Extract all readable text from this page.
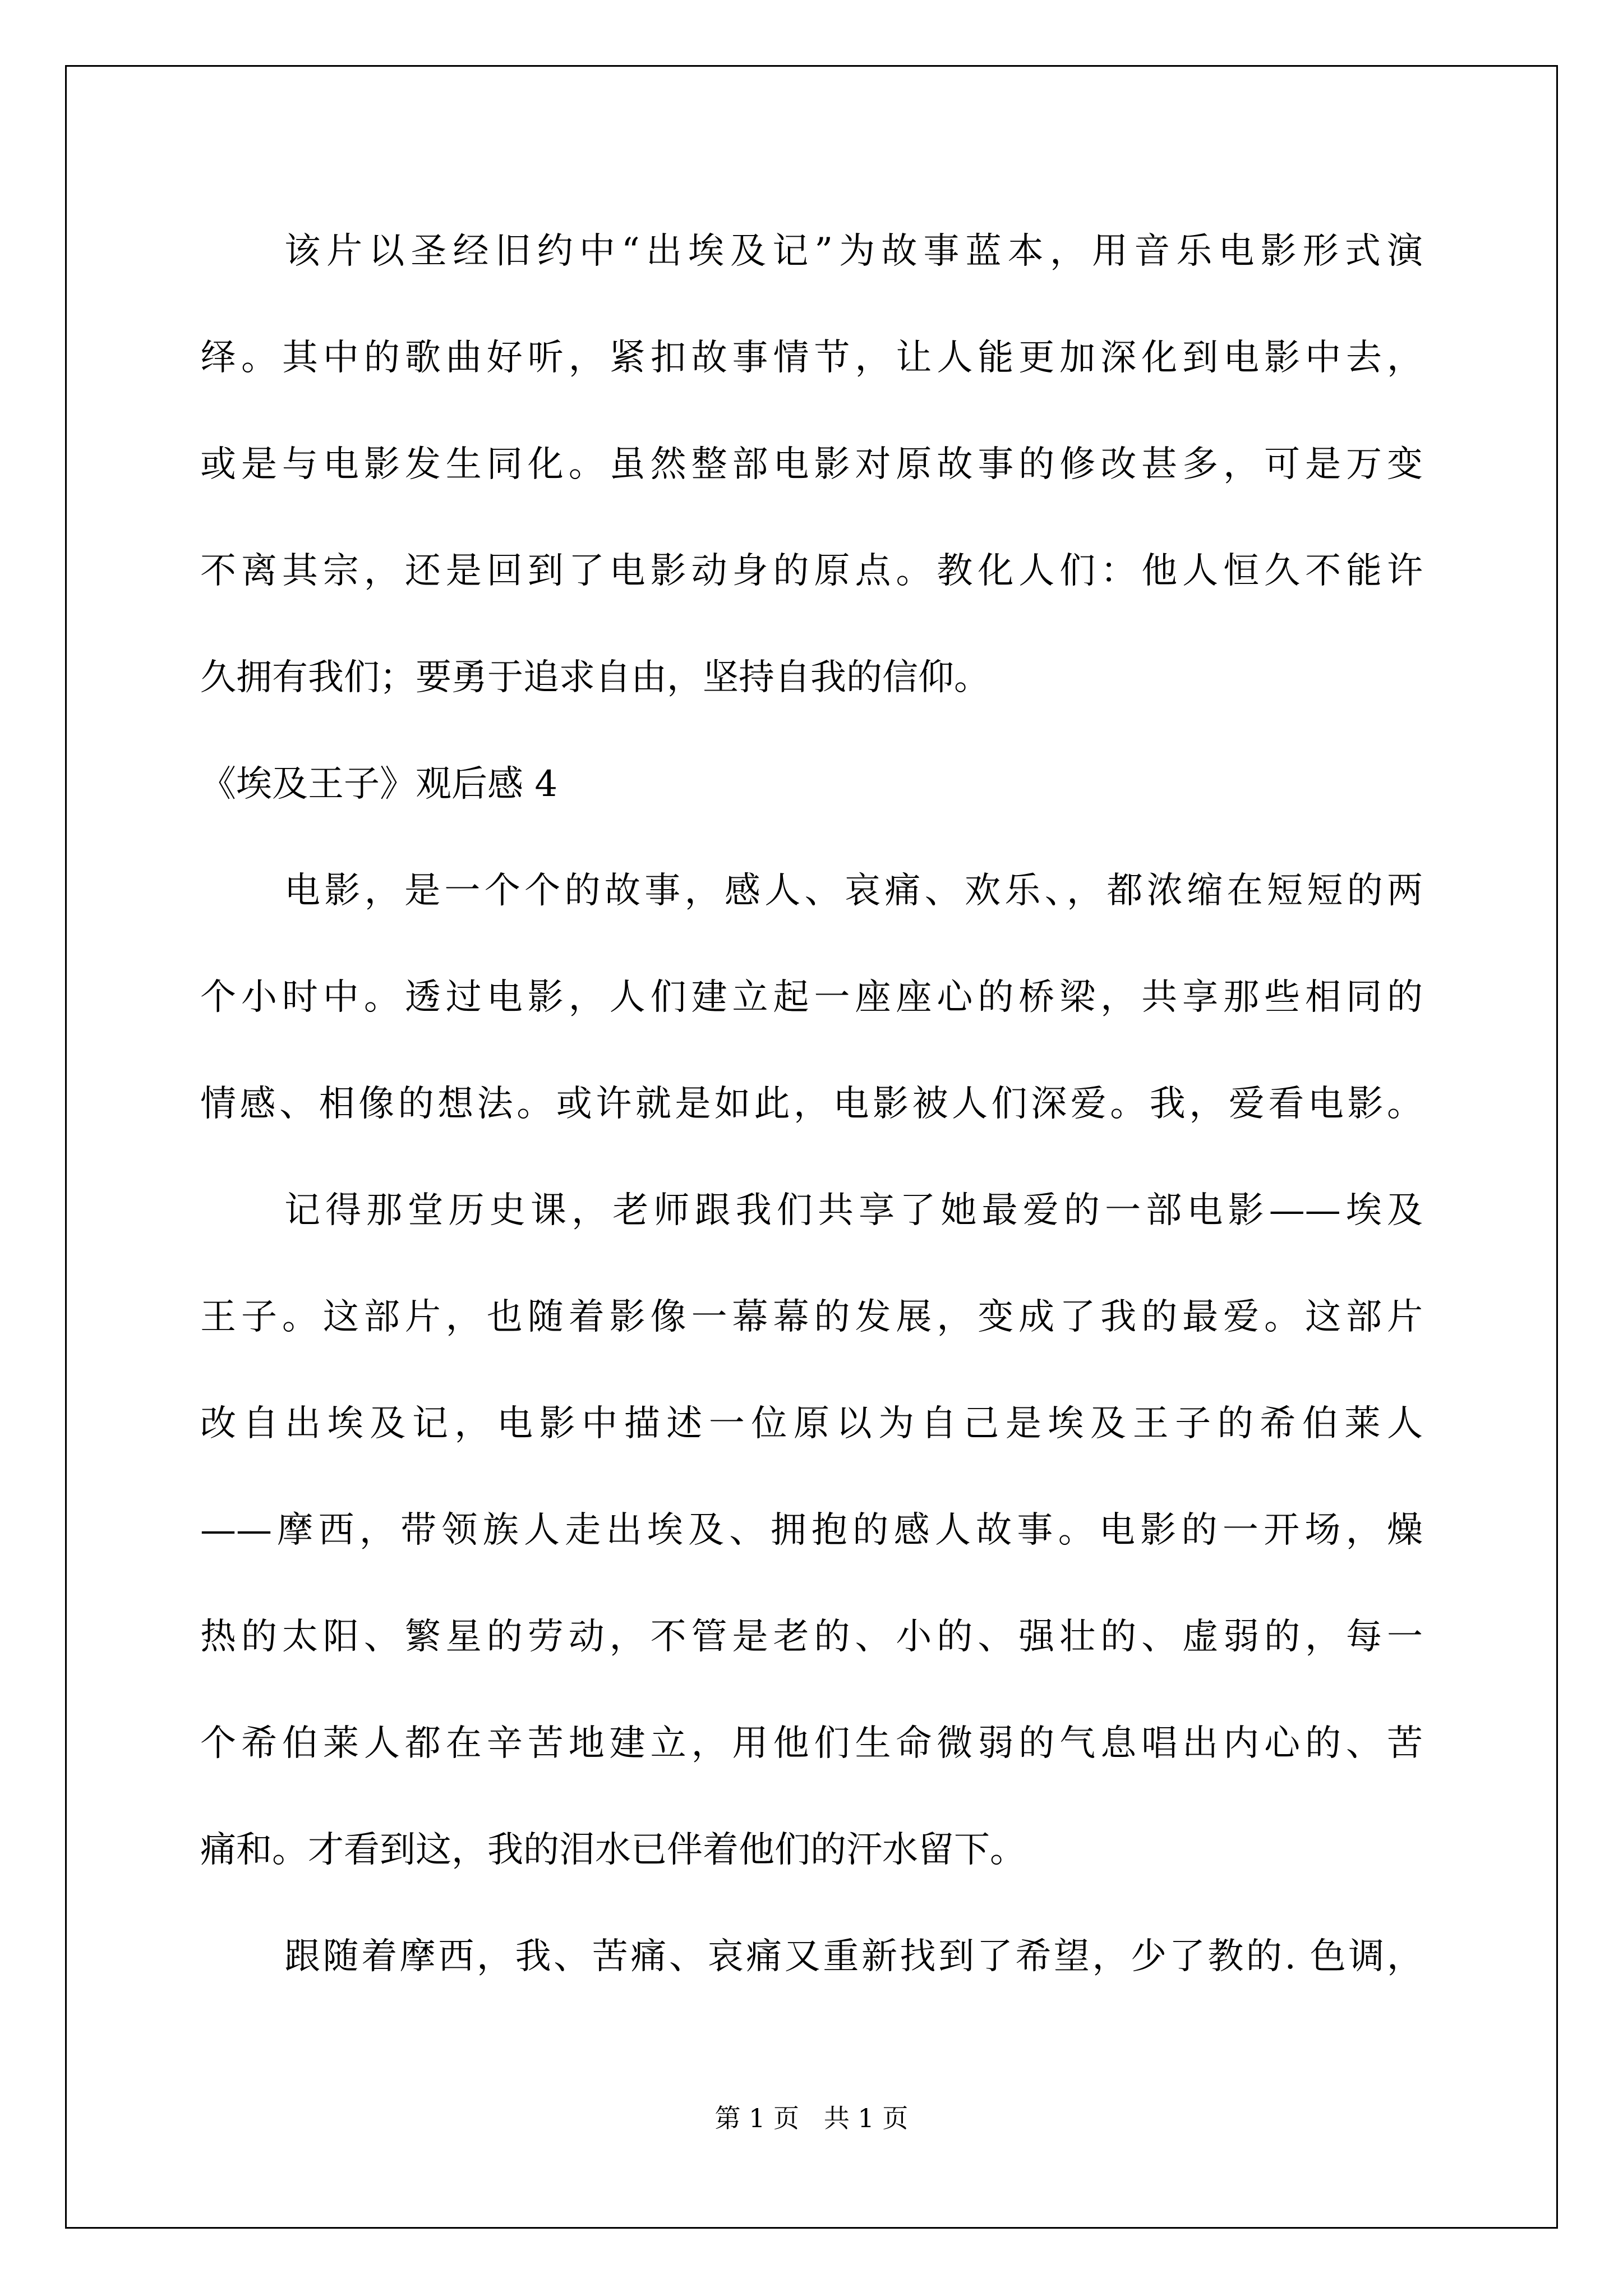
该片以圣经旧约中“出埃及记”为故事蓝本，用音乐电影形式演
绎。其中的歌曲好听，紧扣故事情节，让人能更加深化到电影中去，
或是与电影发生同化。虽然整部电影对原故事的修改甚多，可是万变
不离其宗，还是回到了电影动身的原点。教化人们：他人恒久不能许
久拥有我们；要勇于追求自由，坚持自我的信仰。
《埃及王子》观后感 4
电影，是一个个的故事，感人、哀痛、欢乐、，都浓缩在短短的两
个小时中。透过电影，人们建立起一座座心的桥梁，共享那些相同的
情感、相像的想法。或许就是如此，电影被人们深爱。我，爱看电影。
记得那堂历史课，老师跟我们共享了她最爱的一部电影——埃及
王子。这部片，也随着影像一幕幕的发展，变成了我的最爱。这部片
改自出埃及记，电影中描述一位原以为自己是埃及王子的希伯莱人
——摩西，带领族人走出埃及、拥抱的感人故事。电影的一开场，燥
热的太阳、繁星的劳动，不管是老的、小的、强壮的、虚弱的，每一
个希伯莱人都在辛苦地建立，用他们生命微弱的气息唱出内心的、苦
痛和。才看到这，我的泪水已伴着他们的汗水留下。
跟随着摩西，我、苦痛、哀痛又重新找到了希望，少了教的. 色调，
第 1 页   共 1 页
